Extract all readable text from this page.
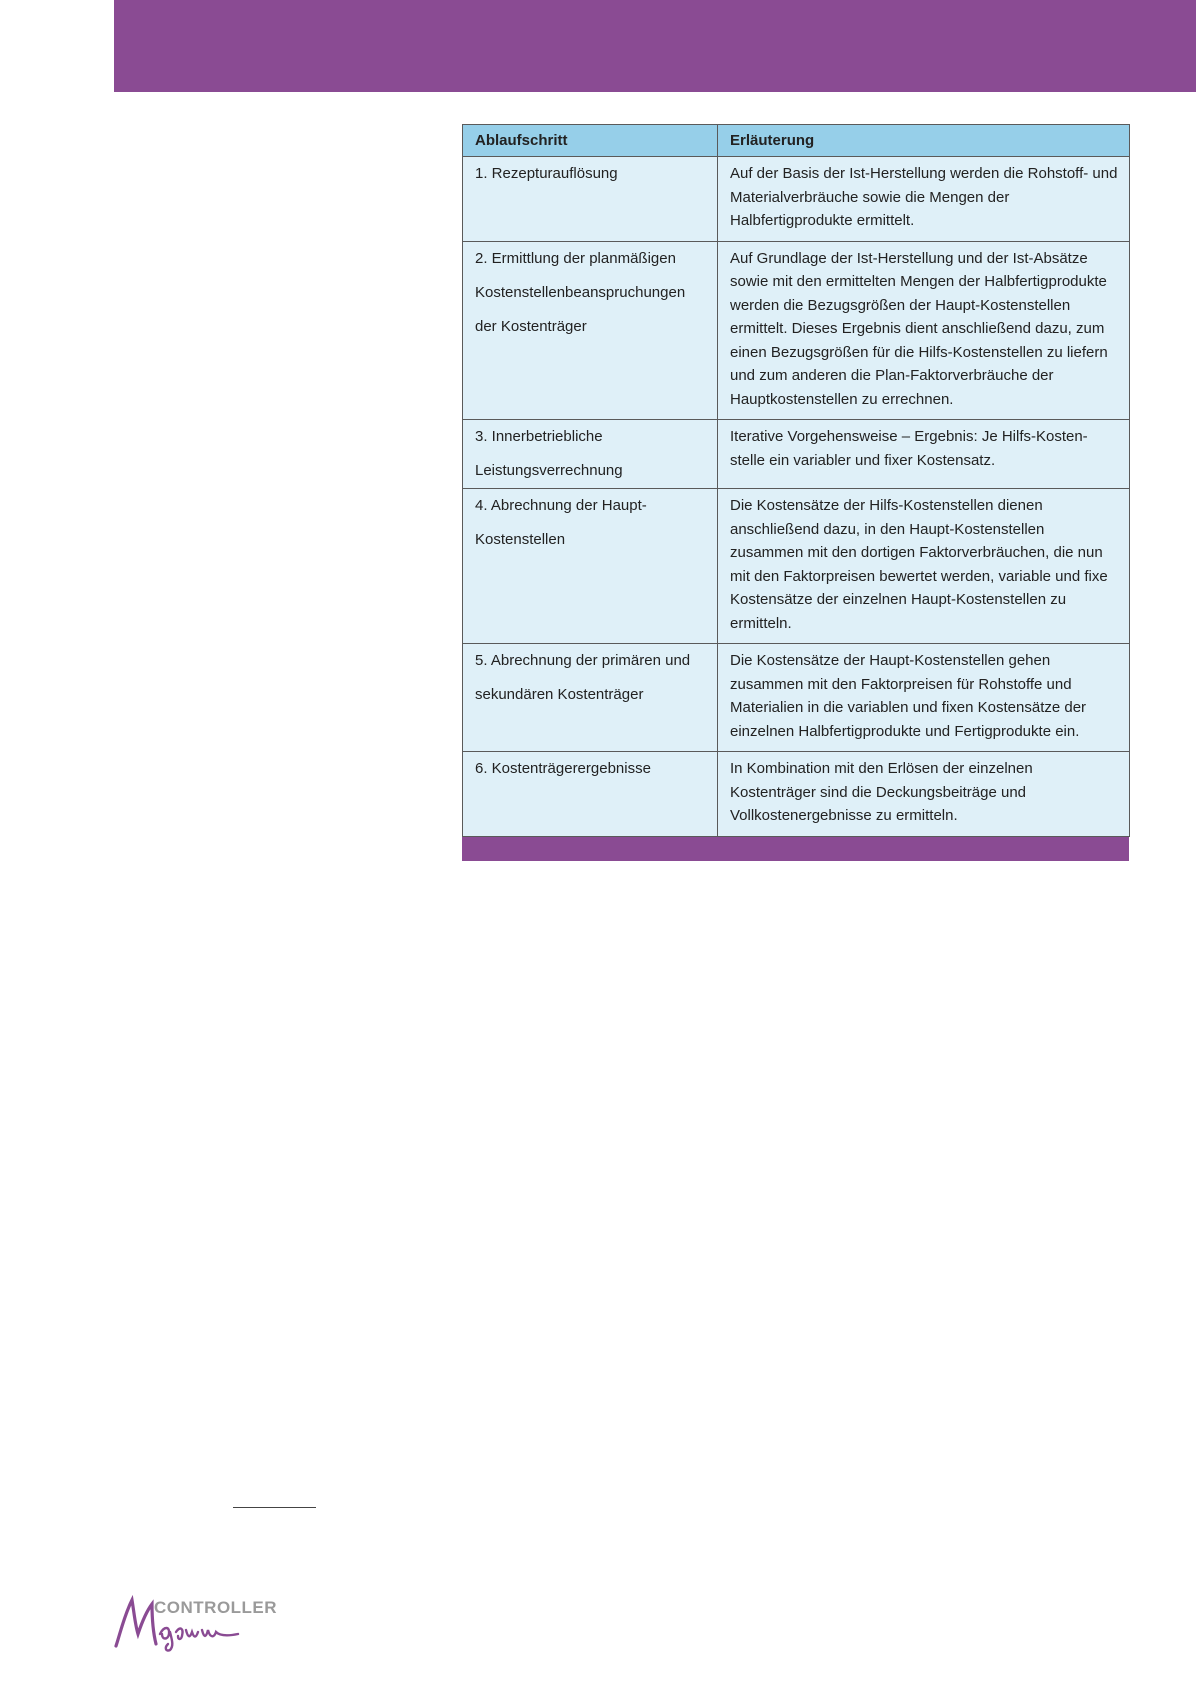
Ablaufschritt	Erläuterung
1. Rezepturauflösung	Auf der Basis der Ist-Herstellung werden die Rohstoff- und Materialverbräuche sowie die Mengen der Halbfertigprodukte ermittelt.
2. Ermittlung der planmäßigen Kostenstellenbeanspruchungen der Kostenträger	Auf Grundlage der Ist-Herstellung und der Ist-Absätze sowie mit den ermittelten Mengen der Halbfertigprodukte werden die Bezugsgrößen der Haupt-Kostenstellen ermittelt. Dieses Ergebnis dient anschließend dazu, zum einen Bezugsgrößen für die Hilfs-Kostenstellen zu liefern und zum anderen die Plan-Faktorverbräuche der Hauptkostenstellen zu errechnen.
3. Innerbetriebliche Leistungsverrechnung	Iterative Vorgehensweise – Ergebnis: Je Hilfs-Kosten-stelle ein variabler und fixer Kostensatz.
4. Abrechnung der Haupt-Kostenstellen	Die Kostensätze der Hilfs-Kostenstellen dienen anschließend dazu, in den Haupt-Kostenstellen zusammen mit den dortigen Faktorverbräuchen, die nun mit den Faktorpreisen bewertet werden, variable und fixe Kostensätze der einzelnen Haupt-Kostenstellen zu ermitteln.
5. Abrechnung der primären und sekundären Kostenträger	Die Kostensätze der Haupt-Kostenstellen gehen zusammen mit den Faktorpreisen für Rohstoffe und Materialien in die variablen und fixen Kostensätze der einzelnen Halbfertigprodukte und Fertigprodukte ein.
6. Kostenträgerergebnisse	In Kombination mit den Erlösen der einzelnen Kostenträger sind die Deckungsbeiträge und Vollkostenergebnisse zu ermitteln.
CONTROLLER
